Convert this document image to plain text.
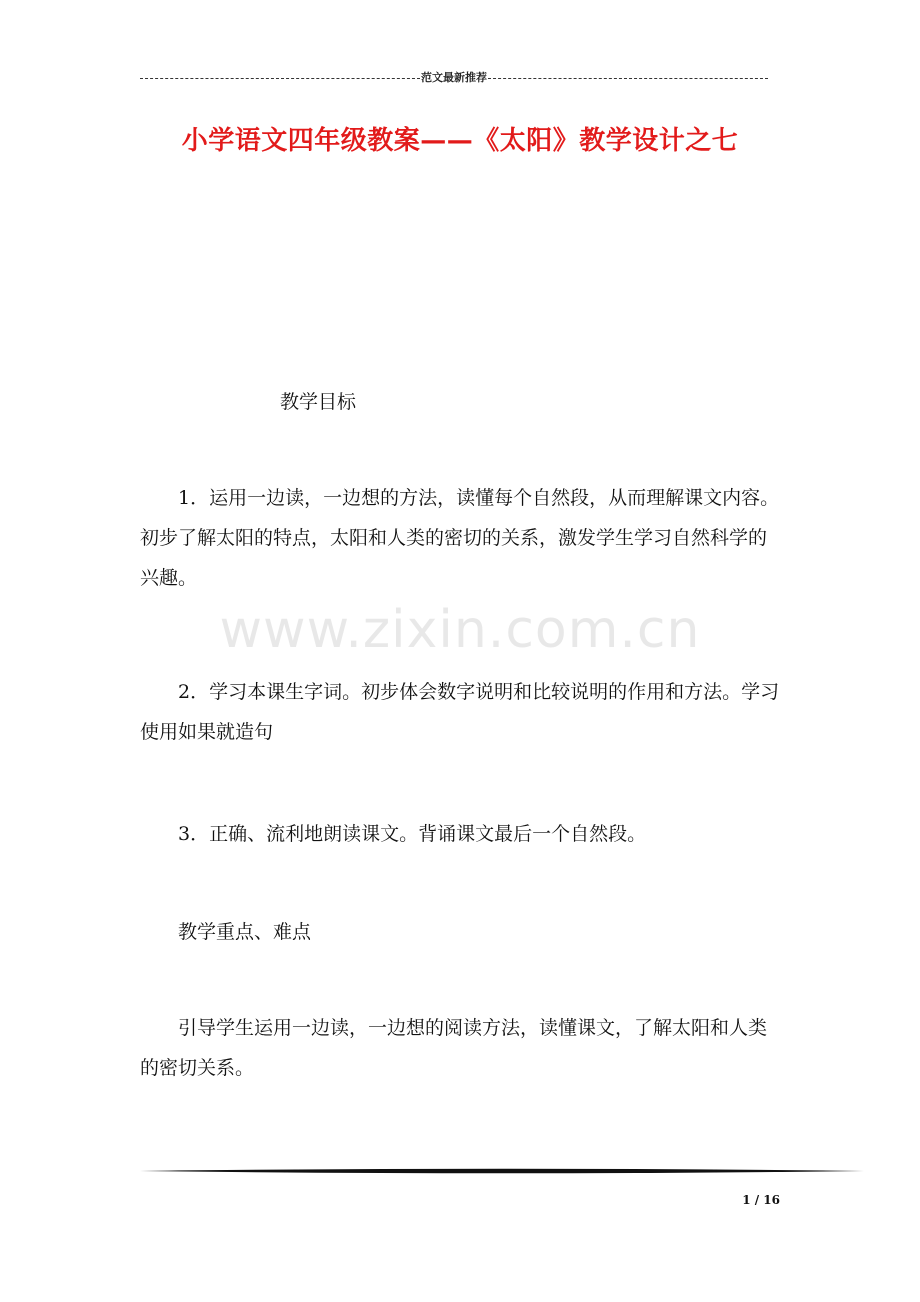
范文最新推荐
小学语文四年级教案——《太阳》教学设计之七
www.zixin.com.cn

教学目标

1．运用一边读，一边想的方法，读懂每个自然段，从而理解课文内容。初步了解太阳的特点，太阳和人类的密切的关系，激发学生学习自然科学的兴趣。

2．学习本课生字词。初步体会数字说明和比较说明的作用和方法。学习使用如果就造句

3．正确、流利地朗读课文。背诵课文最后一个自然段。

教学重点、难点

引导学生运用一边读，一边想的阅读方法，读懂课文，了解太阳和人类的密切关系。

1 / 16
